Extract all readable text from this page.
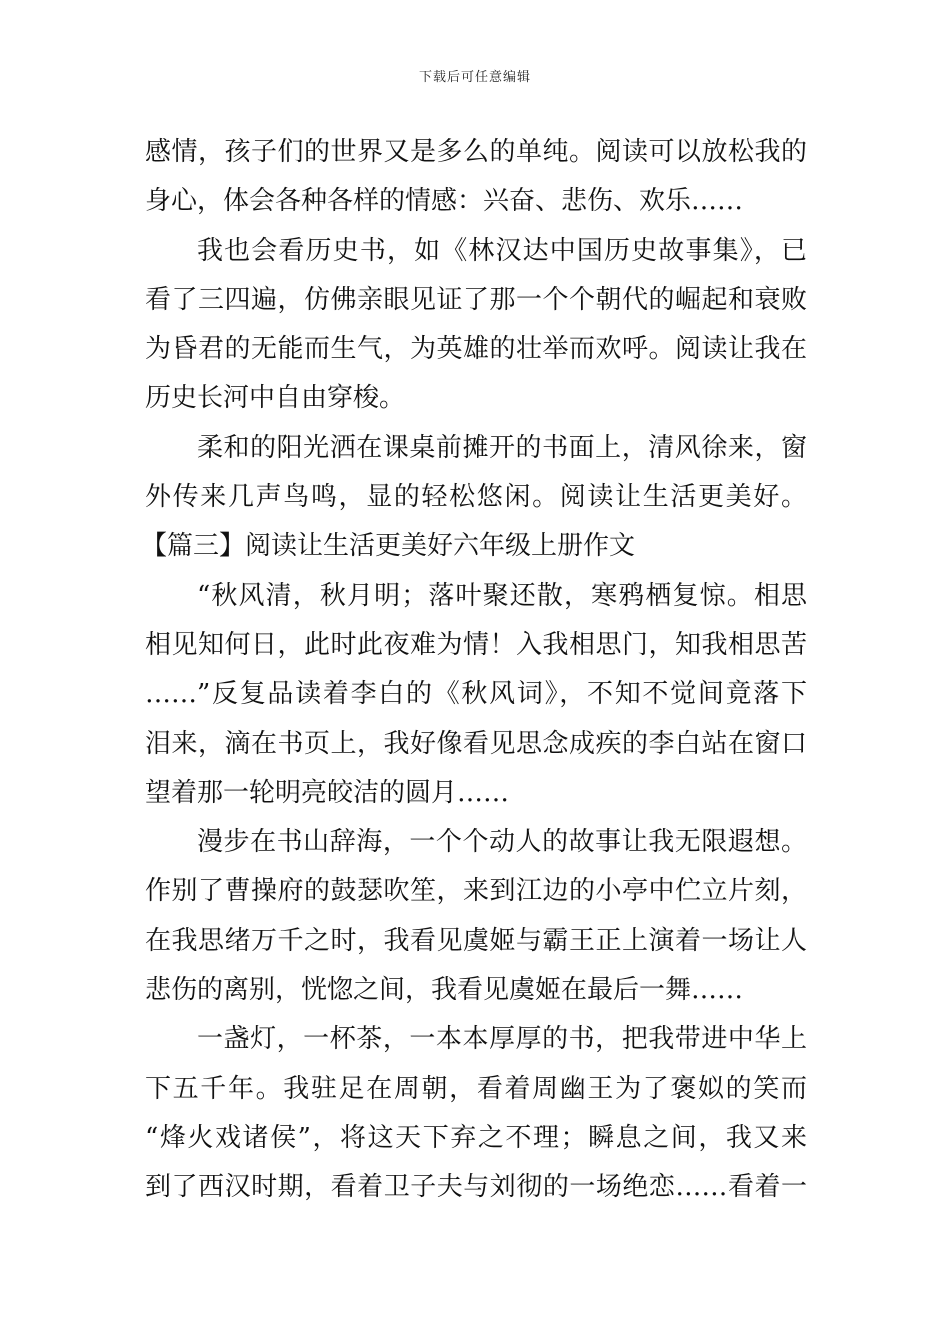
下载后可任意编辑
感情，孩子们的世界又是多么的单纯。阅读可以放松我的
身心，体会各种各样的情感：兴奋、悲伤、欢乐……
我也会看历史书，如《林汉达中国历史故事集》，已
看了三四遍，仿佛亲眼见证了那一个个朝代的崛起和衰败
为昏君的无能而生气，为英雄的壮举而欢呼。阅读让我在
历史长河中自由穿梭。
柔和的阳光洒在课桌前摊开的书面上，清风徐来，窗
外传来几声鸟鸣，显的轻松悠闲。阅读让生活更美好。
【篇三】阅读让生活更美好六年级上册作文
“秋风清，秋月明；落叶聚还散，寒鸦栖复惊。相思
相见知何日，此时此夜难为情！入我相思门，知我相思苦
……”反复品读着李白的《秋风词》，不知不觉间竟落下
泪来，滴在书页上，我好像看见思念成疾的李白站在窗口
望着那一轮明亮皎洁的圆月……
漫步在书山辞海，一个个动人的故事让我无限遐想。
作别了曹操府的鼓瑟吹笙，来到江边的小亭中伫立片刻，
在我思绪万千之时，我看见虞姬与霸王正上演着一场让人
悲伤的离别，恍惚之间，我看见虞姬在最后一舞……
一盏灯，一杯茶，一本本厚厚的书，把我带进中华上
下五千年。我驻足在周朝，看着周幽王为了褒姒的笑而
“烽火戏诸侯”，将这天下弃之不理；瞬息之间，我又来
到了西汉时期，看着卫子夫与刘彻的一场绝恋……看着一
